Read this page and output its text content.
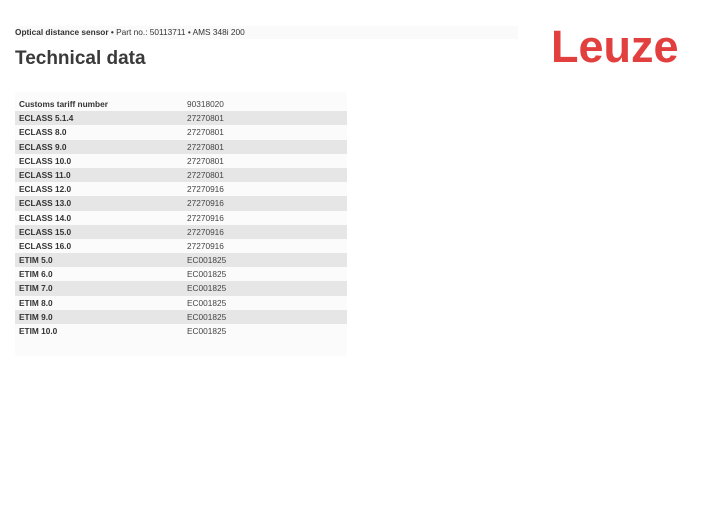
Optical distance sensor • Part no.: 50113711 • AMS 348i 200
Technical data	Leuze
Customs tariff number	90318020
ECLASS 5.1.4	27270801
ECLASS 8.0	27270801
ECLASS 9.0	27270801
ECLASS 10.0	27270801
ECLASS 11.0	27270801
ECLASS 12.0	27270916
ECLASS 13.0	27270916
ECLASS 14.0	27270916
ECLASS 15.0	27270916
ECLASS 16.0	27270916
ETIM 5.0	EC001825
ETIM 6.0	EC001825
ETIM 7.0	EC001825
ETIM 8.0	EC001825
ETIM 9.0	EC001825
ETIM 10.0	EC001825
